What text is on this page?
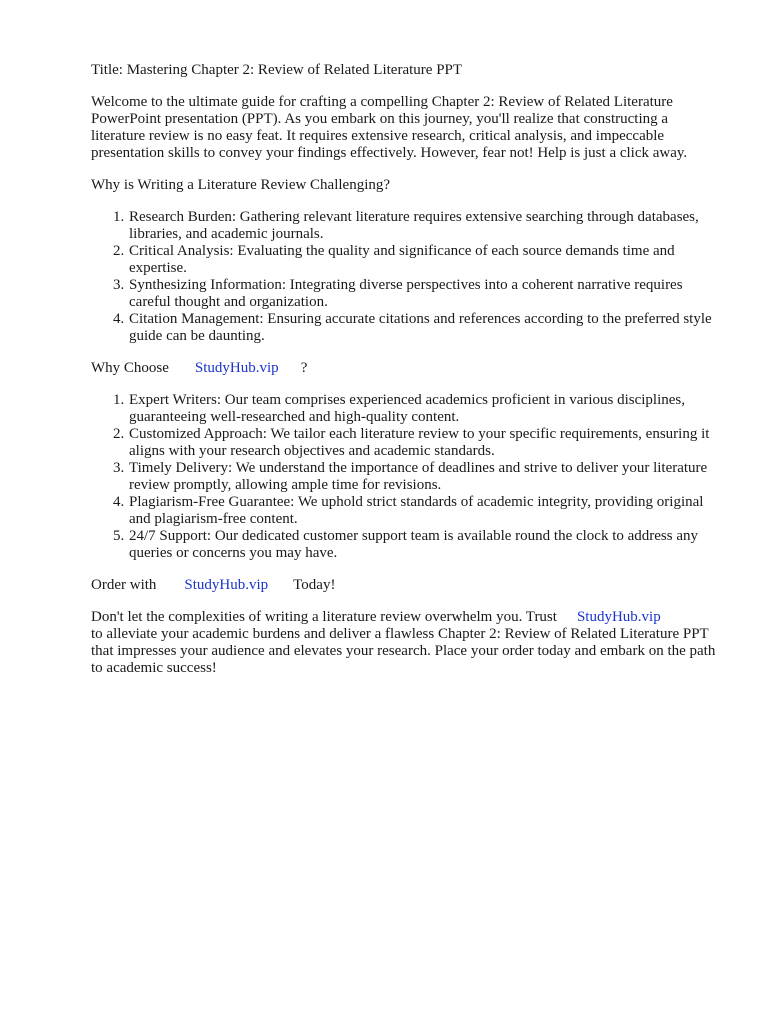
Title: Mastering Chapter 2: Review of Related Literature PPT

Welcome to the ultimate guide for crafting a compelling Chapter 2: Review of Related Literature PowerPoint presentation (PPT). As you embark on this journey, you'll realize that constructing a literature review is no easy feat. It requires extensive research, critical analysis, and impeccable presentation skills to convey your findings effectively. However, fear not! Help is just a click away.

Why is Writing a Literature Review Challenging?

1. Research Burden: Gathering relevant literature requires extensive searching through databases, libraries, and academic journals.
2. Critical Analysis: Evaluating the quality and significance of each source demands time and expertise.
3. Synthesizing Information: Integrating diverse perspectives into a coherent narrative requires careful thought and organization.
4. Citation Management: Ensuring accurate citations and references according to the preferred style guide can be daunting.

Why Choose StudyHub.vip ?

1. Expert Writers: Our team comprises experienced academics proficient in various disciplines, guaranteeing well-researched and high-quality content.
2. Customized Approach: We tailor each literature review to your specific requirements, ensuring it aligns with your research objectives and academic standards.
3. Timely Delivery: We understand the importance of deadlines and strive to deliver your literature review promptly, allowing ample time for revisions.
4. Plagiarism-Free Guarantee: We uphold strict standards of academic integrity, providing original and plagiarism-free content.
5. 24/7 Support: Our dedicated customer support team is available round the clock to address any queries or concerns you may have.

Order with StudyHub.vip Today!

Don't let the complexities of writing a literature review overwhelm you. Trust StudyHub.vip
to alleviate your academic burdens and deliver a flawless Chapter 2: Review of Related Literature PPT that impresses your audience and elevates your research. Place your order today and embark on the path to academic success!
